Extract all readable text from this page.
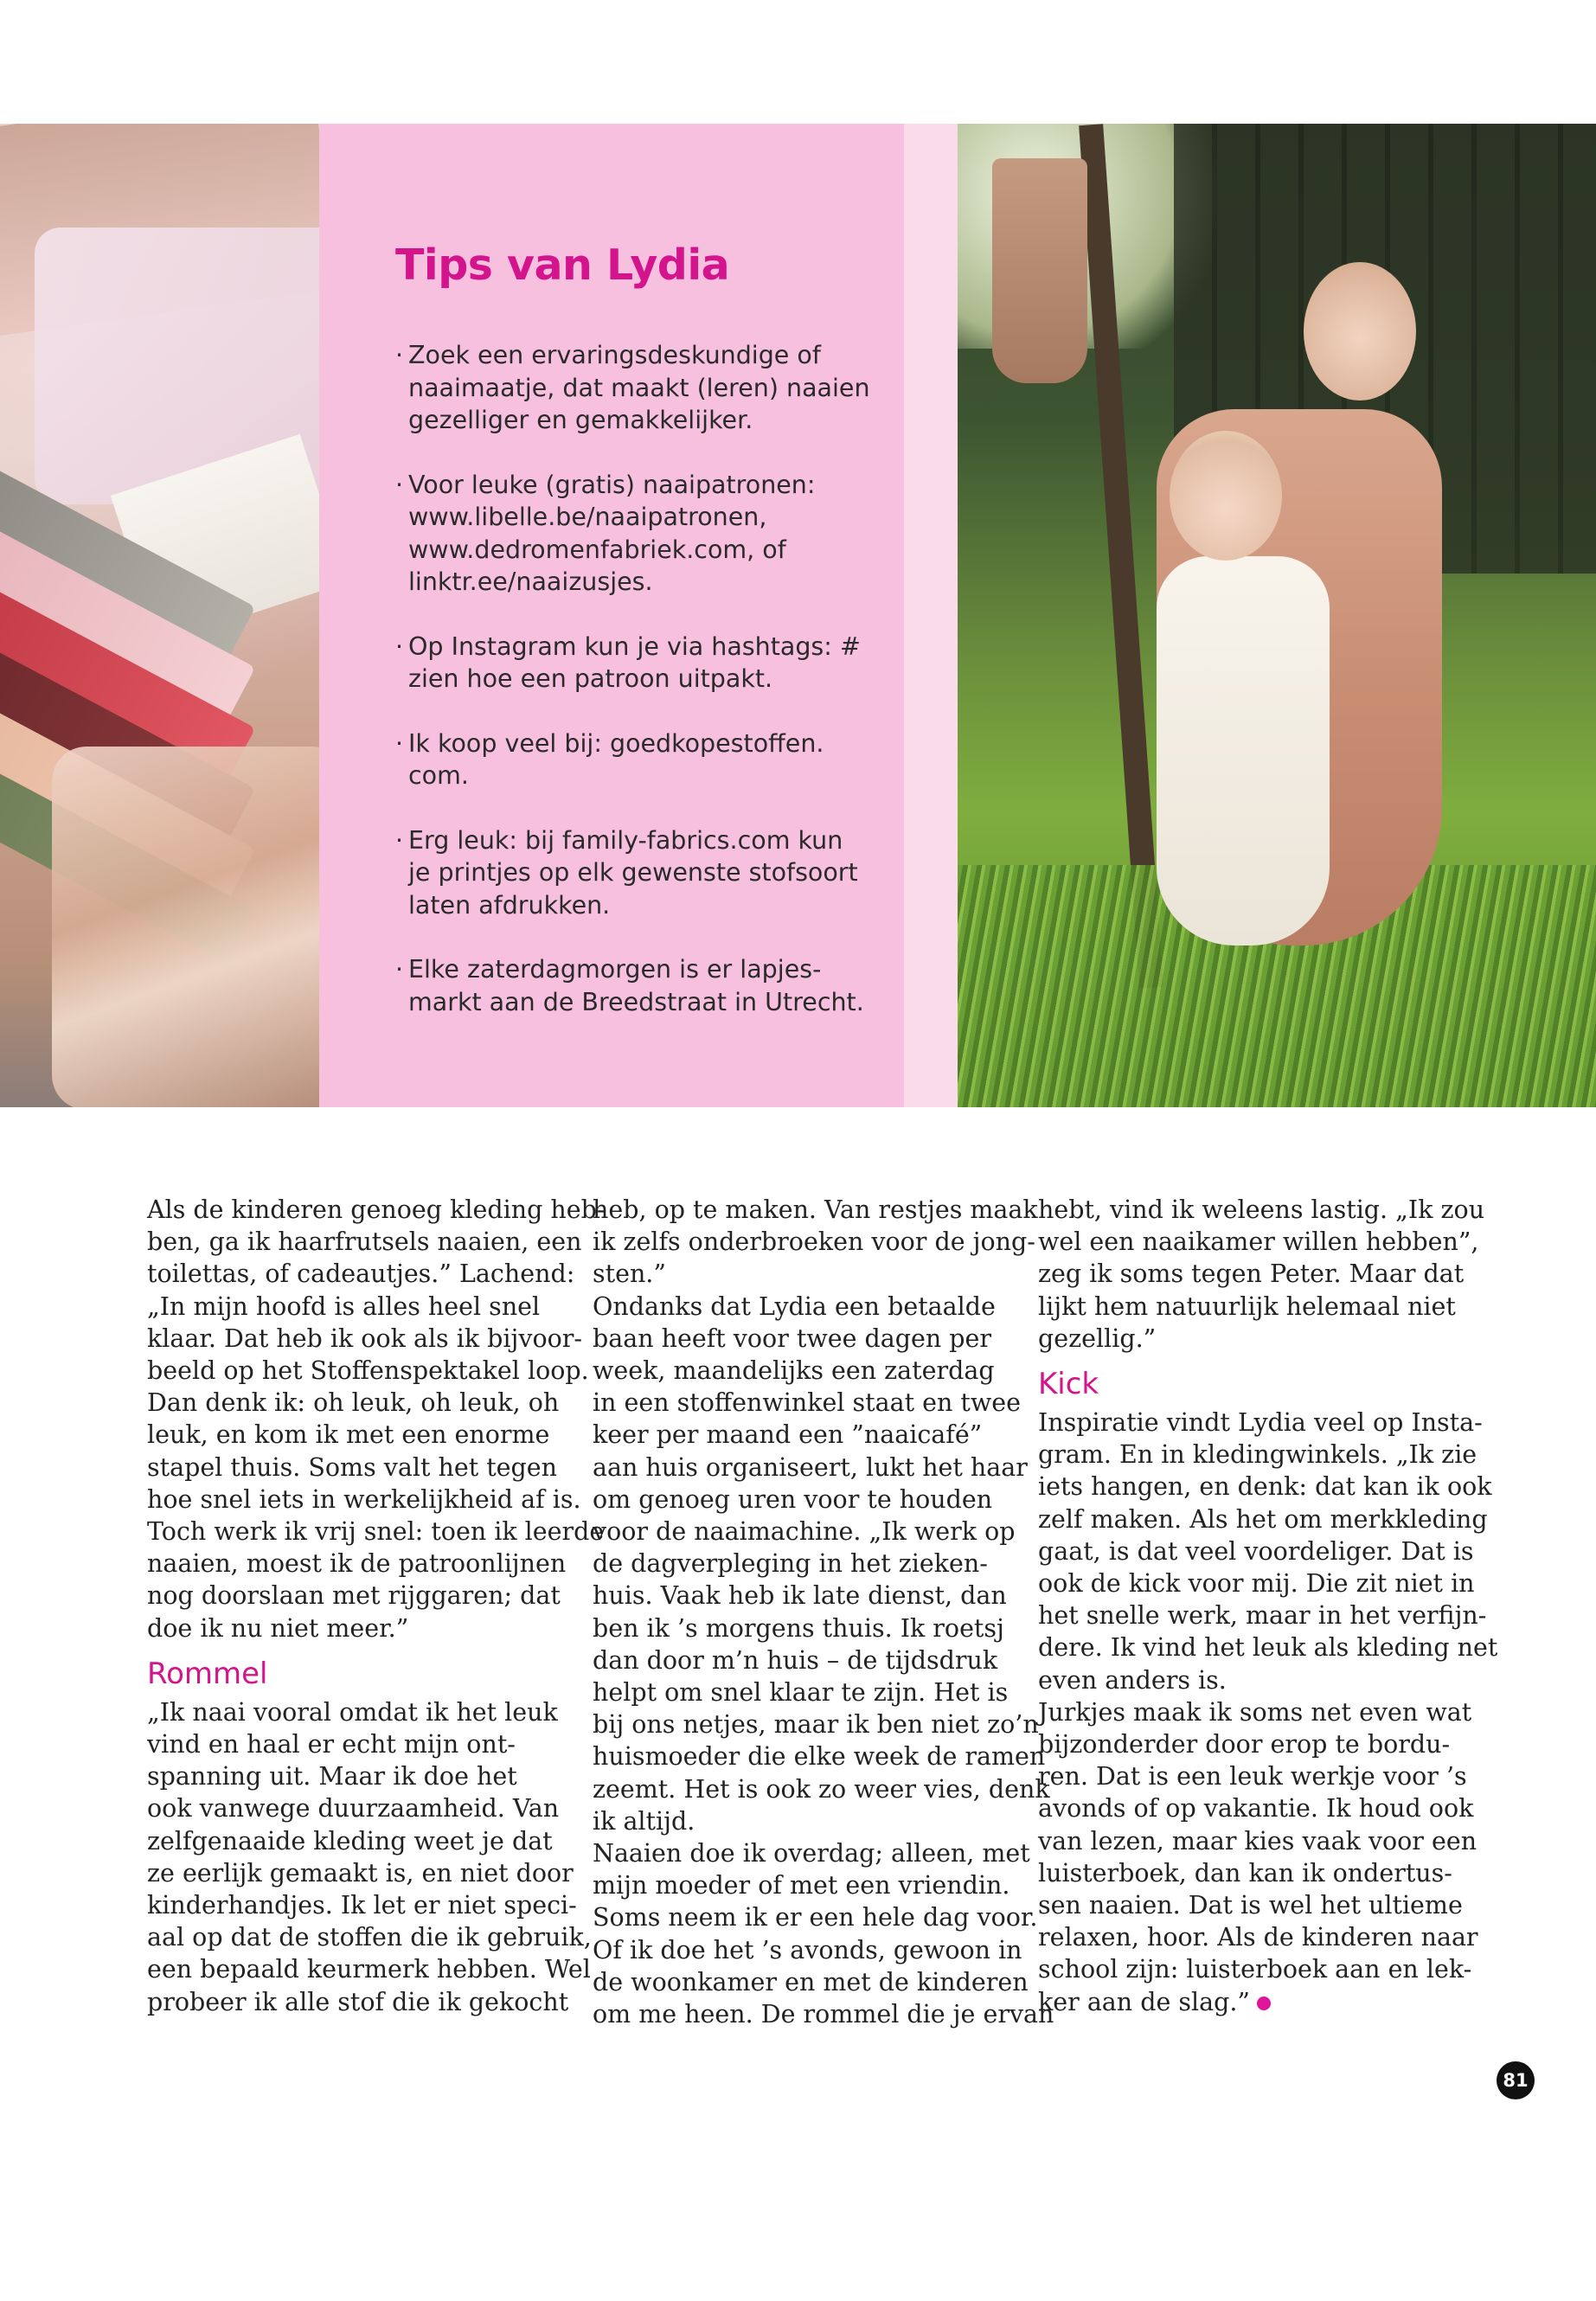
Tips van Lydia
· Zoek een ervaringsdeskundige of
naaimaatje, dat maakt (leren) naaien
gezelliger en gemakkelijker.
· Voor leuke (gratis) naaipatronen:
www.libelle.be/naaipatronen,
www.dedromenfabriek.com, of
linktr.ee/naaizusjes.
· Op Instagram kun je via hashtags: #
zien hoe een patroon uitpakt.
· Ik koop veel bij: goedkopestoffen.
com.
· Erg leuk: bij family-fabrics.com kun
je printjes op elk gewenste stofsoort
laten afdrukken.
· Elke zaterdagmorgen is er lapjes-
markt aan de Breedstraat in Utrecht.
Als de kinderen genoeg kleding heb-
ben, ga ik haarfrutsels naaien, een
toilettas, of cadeautjes.” Lachend:
„In mijn hoofd is alles heel snel
klaar. Dat heb ik ook als ik bijvoor-
beeld op het Stoffenspektakel loop.
Dan denk ik: oh leuk, oh leuk, oh
leuk, en kom ik met een enorme
stapel thuis. Soms valt het tegen
hoe snel iets in werkelijkheid af is.
Toch werk ik vrij snel: toen ik leerde
naaien, moest ik de patroonlijnen
nog doorslaan met rijggaren; dat
doe ik nu niet meer.”
Rommel
„Ik naai vooral omdat ik het leuk
vind en haal er echt mijn ont-
spanning uit. Maar ik doe het
ook vanwege duurzaamheid. Van
zelfgenaaide kleding weet je dat
ze eerlijk gemaakt is, en niet door
kinderhandjes. Ik let er niet speci-
aal op dat de stoffen die ik gebruik,
een bepaald keurmerk hebben. Wel
probeer ik alle stof die ik gekocht
heb, op te maken. Van restjes maak
ik zelfs onderbroeken voor de jong-
sten.”
Ondanks dat Lydia een betaalde
baan heeft voor twee dagen per
week, maandelijks een zaterdag
in een stoffenwinkel staat en twee
keer per maand een ”naaicafé”
aan huis organiseert, lukt het haar
om genoeg uren voor te houden
voor de naaimachine. „Ik werk op
de dagverpleging in het zieken-
huis. Vaak heb ik late dienst, dan
ben ik ’s morgens thuis. Ik roetsj
dan door m’n huis – de tijdsdruk
helpt om snel klaar te zijn. Het is
bij ons netjes, maar ik ben niet zo’n
huismoeder die elke week de ramen
zeemt. Het is ook zo weer vies, denk
ik altijd.
Naaien doe ik overdag; alleen, met
mijn moeder of met een vriendin.
Soms neem ik er een hele dag voor.
Of ik doe het ’s avonds, gewoon in
de woonkamer en met de kinderen
om me heen. De rommel die je ervan
hebt, vind ik weleens lastig. „Ik zou
wel een naaikamer willen hebben”,
zeg ik soms tegen Peter. Maar dat
lijkt hem natuurlijk helemaal niet
gezellig.”
Kick
Inspiratie vindt Lydia veel op Insta-
gram. En in kledingwinkels. „Ik zie
iets hangen, en denk: dat kan ik ook
zelf maken. Als het om merkkleding
gaat, is dat veel voordeliger. Dat is
ook de kick voor mij. Die zit niet in
het snelle werk, maar in het verfijn-
dere. Ik vind het leuk als kleding net
even anders is.
Jurkjes maak ik soms net even wat
bijzonderder door erop te bordu-
ren. Dat is een leuk werkje voor ’s
avonds of op vakantie. Ik houd ook
van lezen, maar kies vaak voor een
luisterboek, dan kan ik ondertus-
sen naaien. Dat is wel het ultieme
relaxen, hoor. Als de kinderen naar
school zijn: luisterboek aan en lek-
ker aan de slag.”
81
